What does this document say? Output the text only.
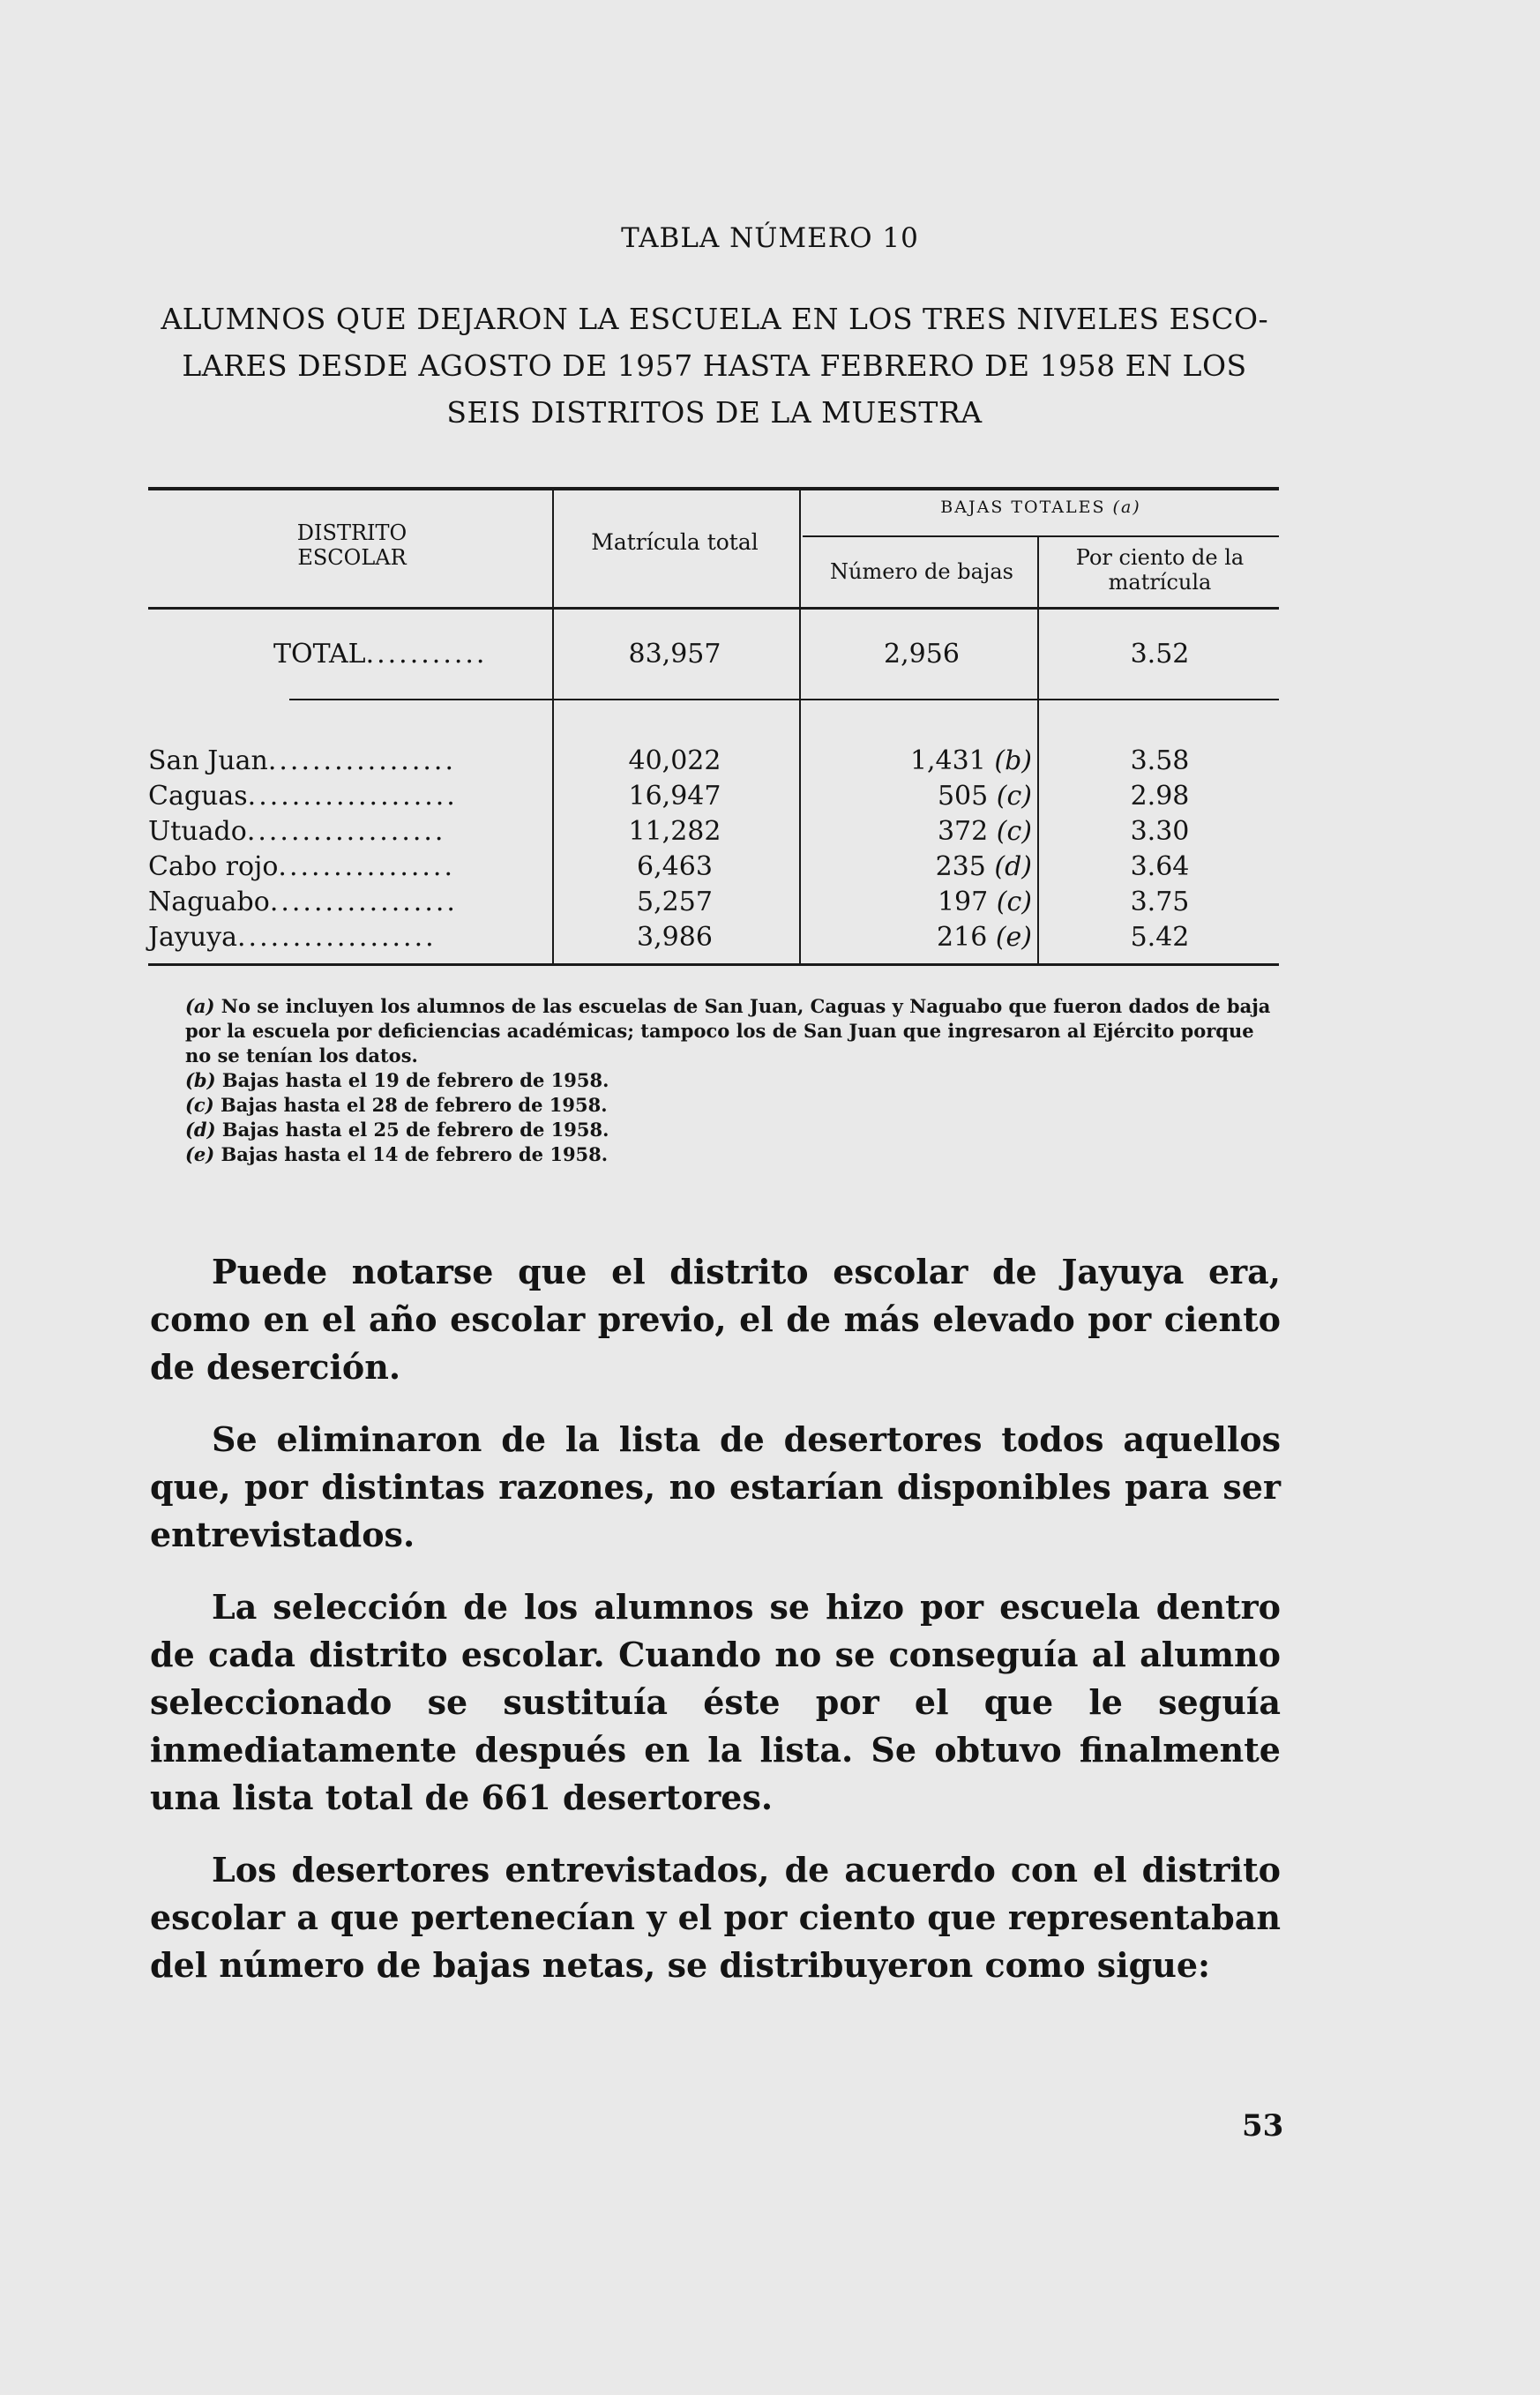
TABLA NÚMERO 10
ALUMNOS QUE DEJARON LA ESCUELA EN LOS TRES NIVELES ESCOLARES DESDE AGOSTO DE 1957 HASTA FEBRERO DE 1958 EN LOS SEIS DISTRITOS DE LA MUESTRA
DISTRITO
ESCOLAR
Matrícula total
BAJAS TOTALES (a)
Número de bajas
Por ciento de la
matrícula
TOTAL...........	83,957	2,956	3.52
San Juan.................	40,022	1,431 (b)	3.58
Caguas...................	16,947	505 (c)	2.98
Utuado..................	11,282	372 (c)	3.30
Cabo rojo................	6,463	235 (d)	3.64
Naguabo.................	5,257	197 (c)	3.75
Jayuya..................	3,986	216 (e)	5.42

(a) No se incluyen los alumnos de las escuelas de San Juan, Caguas y Naguabo que fueron dados de baja por la escuela por deficiencias académicas; tampoco los de San Juan que ingresaron al Ejército porque no se tenían los datos.

(b) Bajas hasta el 19 de febrero de 1958.

(c) Bajas hasta el 28 de febrero de 1958.

(d) Bajas hasta el 25 de febrero de 1958.

(e) Bajas hasta el 14 de febrero de 1958.

Puede notarse que el distrito escolar de Jayuya era, como en el año escolar previo, el de más elevado por ciento de deserción.

Se eliminaron de la lista de desertores todos aquellos que, por distintas razones, no estarían disponibles para ser entrevistados.

La selección de los alumnos se hizo por escuela dentro de cada distrito escolar. Cuando no se conseguía al alumno seleccionado se sustituía éste por el que le seguía inmediatamente después en la lista. Se obtuvo finalmente una lista total de 661 desertores.

Los desertores entrevistados, de acuerdo con el distrito escolar a que pertenecían y el por ciento que representaban del número de bajas netas, se distribuyeron como sigue:

53
